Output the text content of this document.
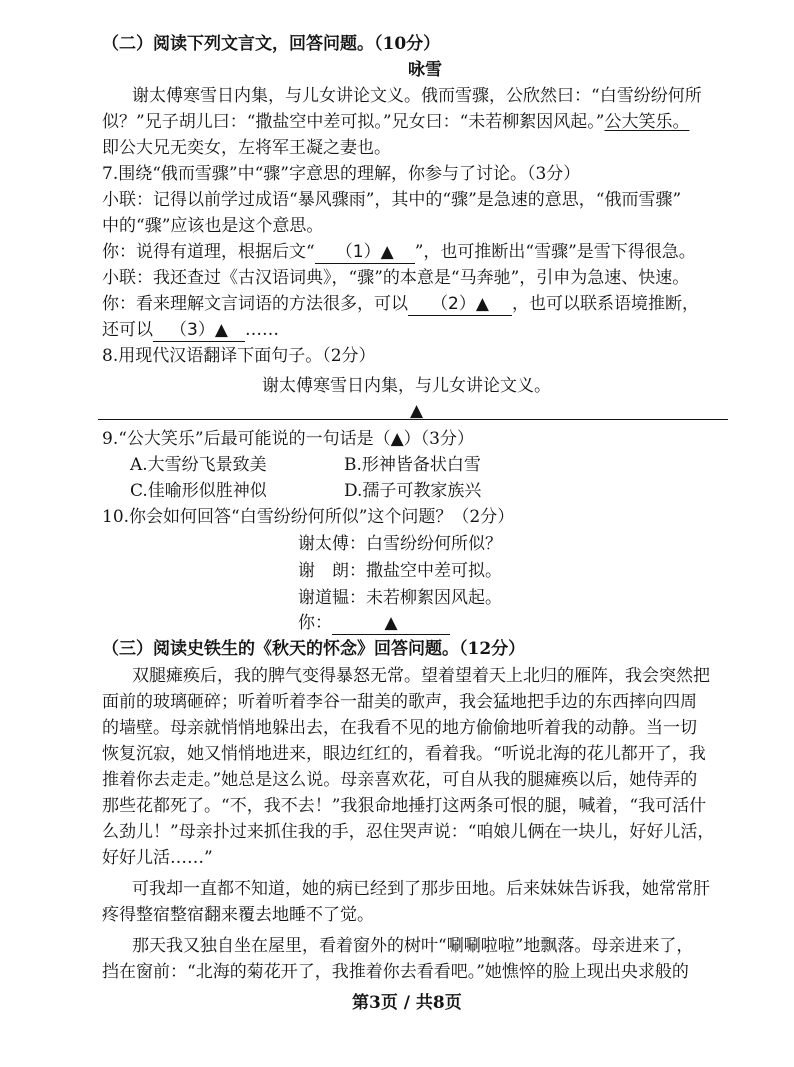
（二）阅读下列文言文，回答问题。（10分）
咏雪
谢太傅寒雪日内集，与儿女讲论文义。俄而雪骤，公欣然曰：“白雪纷纷何所
似？”兄子胡儿曰：“撒盐空中差可拟。”兄女曰：“未若柳絮因风起。”公大笑乐。
即公大兄无奕女，左将军王凝之妻也。
7.围绕“俄而雪骤”中“骤”字意思的理解，你参与了讨论。（3分）
小联：记得以前学过成语“暴风骤雨”，其中的“骤”是急速的意思，“俄而雪骤”
中的“骤”应该也是这个意思。
你：说得有道理，根据后文“ （1）▲ ”，也可推断出“雪骤”是雪下得很急。
小联：我还查过《古汉语词典》，“骤”的本意是“马奔驰”，引申为急速、快速。
你：看来理解文言词语的方法很多，可以 （2）▲ ，也可以联系语境推断，
还可以 （3）▲ ……
8.用现代汉语翻译下面句子。（2分）
谢太傅寒雪日内集，与儿女讲论文义。
▲
9.“公大笑乐”后最可能说的一句话是（▲）（3分）
A.大雪纷飞景致美	B.形神皆备状白雪
C.佳喻形似胜神似	D.孺子可教家族兴
10.你会如何回答“白雪纷纷何所似”这个问题？（2分）
谢太傅：白雪纷纷何所似？
谢　朗：撒盐空中差可拟。
谢道韫：未若柳絮因风起。
你：	▲
（三）阅读史铁生的《秋天的怀念》回答问题。（12分）
双腿瘫痪后，我的脾气变得暴怒无常。望着望着天上北归的雁阵，我会突然把
面前的玻璃砸碎；听着听着李谷一甜美的歌声，我会猛地把手边的东西摔向四周
的墙壁。母亲就悄悄地躲出去，在我看不见的地方偷偷地听着我的动静。当一切
恢复沉寂，她又悄悄地进来，眼边红红的，看着我。“听说北海的花儿都开了，我
推着你去走走。”她总是这么说。母亲喜欢花，可自从我的腿瘫痪以后，她侍弄的
那些花都死了。“不，我不去！”我狠命地捶打这两条可恨的腿，喊着，“我可活什
么劲儿！”母亲扑过来抓住我的手，忍住哭声说：“咱娘儿俩在一块儿，好好儿活，
好好儿活……”
可我却一直都不知道，她的病已经到了那步田地。后来妹妹告诉我，她常常肝
疼得整宿整宿翻来覆去地睡不了觉。
那天我又独自坐在屋里，看着窗外的树叶“唰唰啦啦”地飘落。母亲进来了，
挡在窗前：“北海的菊花开了，我推着你去看看吧。”她憔悴的脸上现出央求般的
第3页 / 共8页
